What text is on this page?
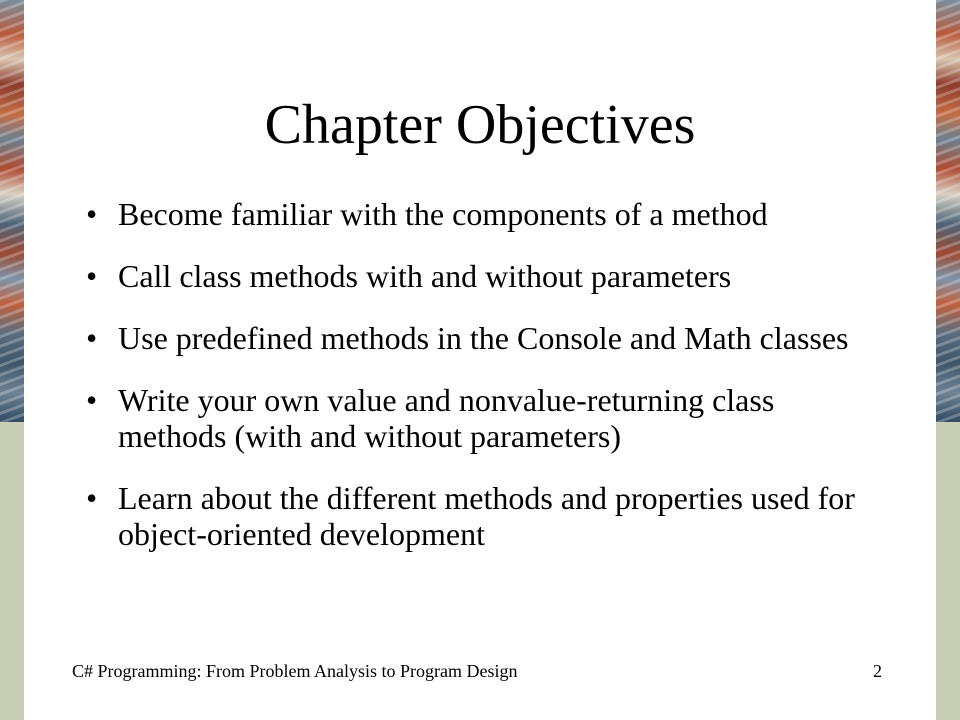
Chapter Objectives
• Become familiar with the components of a method
• Call class methods with and without parameters
• Use predefined methods in the Console and Math classes
• Write your own value and nonvalue-returning class methods (with and without parameters)
• Learn about the different methods and properties used for object-oriented development
C# Programming: From Problem Analysis to Program Design	2
